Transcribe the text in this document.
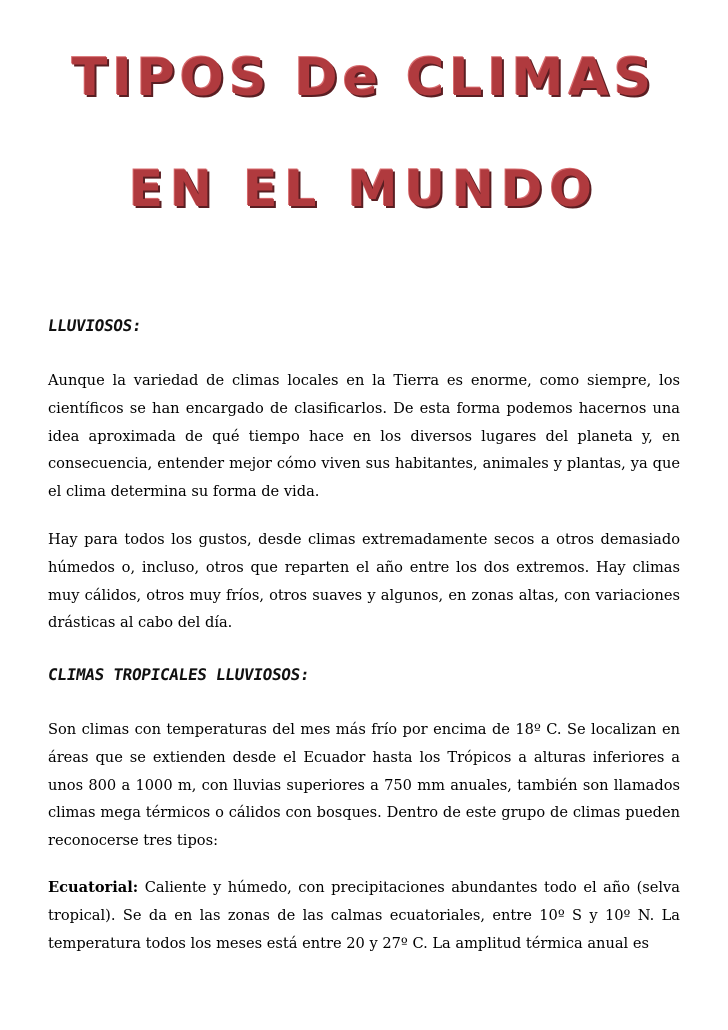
TIPOS De CLIMAS
EN EL MUNDO
LLUVIOSOS:

Aunque la variedad de climas locales en la Tierra es enorme, como siempre, los científicos se han encargado de clasificarlos. De esta forma podemos hacernos una idea aproximada de qué tiempo hace en los diversos lugares del planeta y, en consecuencia, entender mejor cómo viven sus habitantes, animales y plantas, ya que el clima determina su forma de vida.

Hay para todos los gustos, desde climas extremadamente secos a otros demasiado húmedos o, incluso, otros que reparten el año entre los dos extremos. Hay climas muy cálidos, otros muy fríos, otros suaves y algunos, en zonas altas, con variaciones drásticas al cabo del día.

CLIMAS TROPICALES LLUVIOSOS:

Son climas con temperaturas del mes más frío por encima de 18º C. Se localizan en áreas que se extienden desde el Ecuador hasta los Trópicos a alturas inferiores a unos 800 a 1000 m, con lluvias superiores a 750 mm anuales, también son llamados climas mega térmicos o cálidos con bosques. Dentro de este grupo de climas pueden reconocerse tres tipos:

Ecuatorial: Caliente y húmedo, con precipitaciones abundantes todo el año (selva tropical). Se da en las zonas de las calmas ecuatoriales, entre 10º S y 10º N. La temperatura todos los meses está entre 20 y 27º C. La amplitud térmica anual es
